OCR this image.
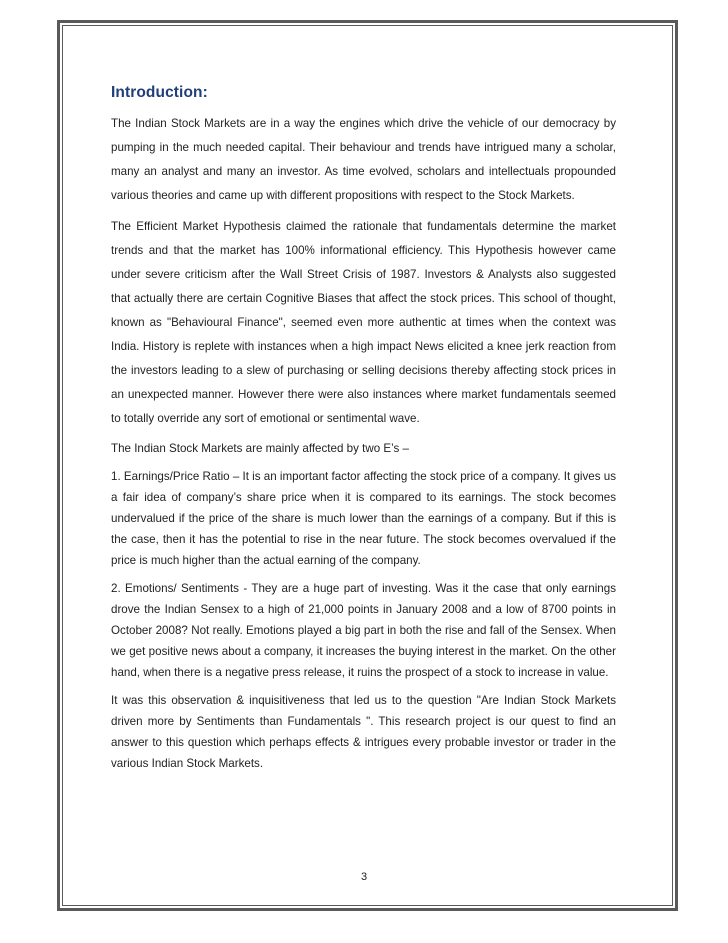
Introduction:

The Indian Stock Markets are in a way the engines which drive the vehicle of our democracy by pumping in the much needed capital. Their behaviour and trends have intrigued many a scholar, many an analyst and many an investor. As time evolved, scholars and intellectuals propounded various theories and came up with different propositions with respect to the Stock Markets.

The Efficient Market Hypothesis claimed the rationale that fundamentals determine the market trends and that the market has 100% informational efficiency. This Hypothesis however came under severe criticism after the Wall Street Crisis of 1987. Investors & Analysts also suggested that actually there are certain Cognitive Biases that affect the stock prices. This school of thought, known as "Behavioural Finance", seemed even more authentic at times when the context was India. History is replete with instances when a high impact News elicited a knee jerk reaction from the investors leading to a slew of purchasing or selling decisions thereby affecting stock prices in an unexpected manner. However there were also instances where market fundamentals seemed to totally override any sort of emotional or sentimental wave.

The Indian Stock Markets are mainly affected by two E’s –

1. Earnings/Price Ratio – It is an important factor affecting the stock price of a company. It gives us a fair idea of company’s share price when it is compared to its earnings. The stock becomes undervalued if the price of the share is much lower than the earnings of a company. But if this is the case, then it has the potential to rise in the near future. The stock becomes overvalued if the price is much higher than the actual earning of the company.

2. Emotions/ Sentiments - They are a huge part of investing. Was it the case that only earnings drove the Indian Sensex to a high of 21,000 points in January 2008 and a low of 8700 points in October 2008? Not really. Emotions played a big part in both the rise and fall of the Sensex. When we get positive news about a company, it increases the buying interest in the market. On the other hand, when there is a negative press release, it ruins the prospect of a stock to increase in value.

It was this observation & inquisitiveness that led us to the question "Are Indian Stock Markets driven more by Sentiments than Fundamentals ". This research project is our quest to find an answer to this question which perhaps effects & intrigues every probable investor or trader in the various Indian Stock Markets.

3
